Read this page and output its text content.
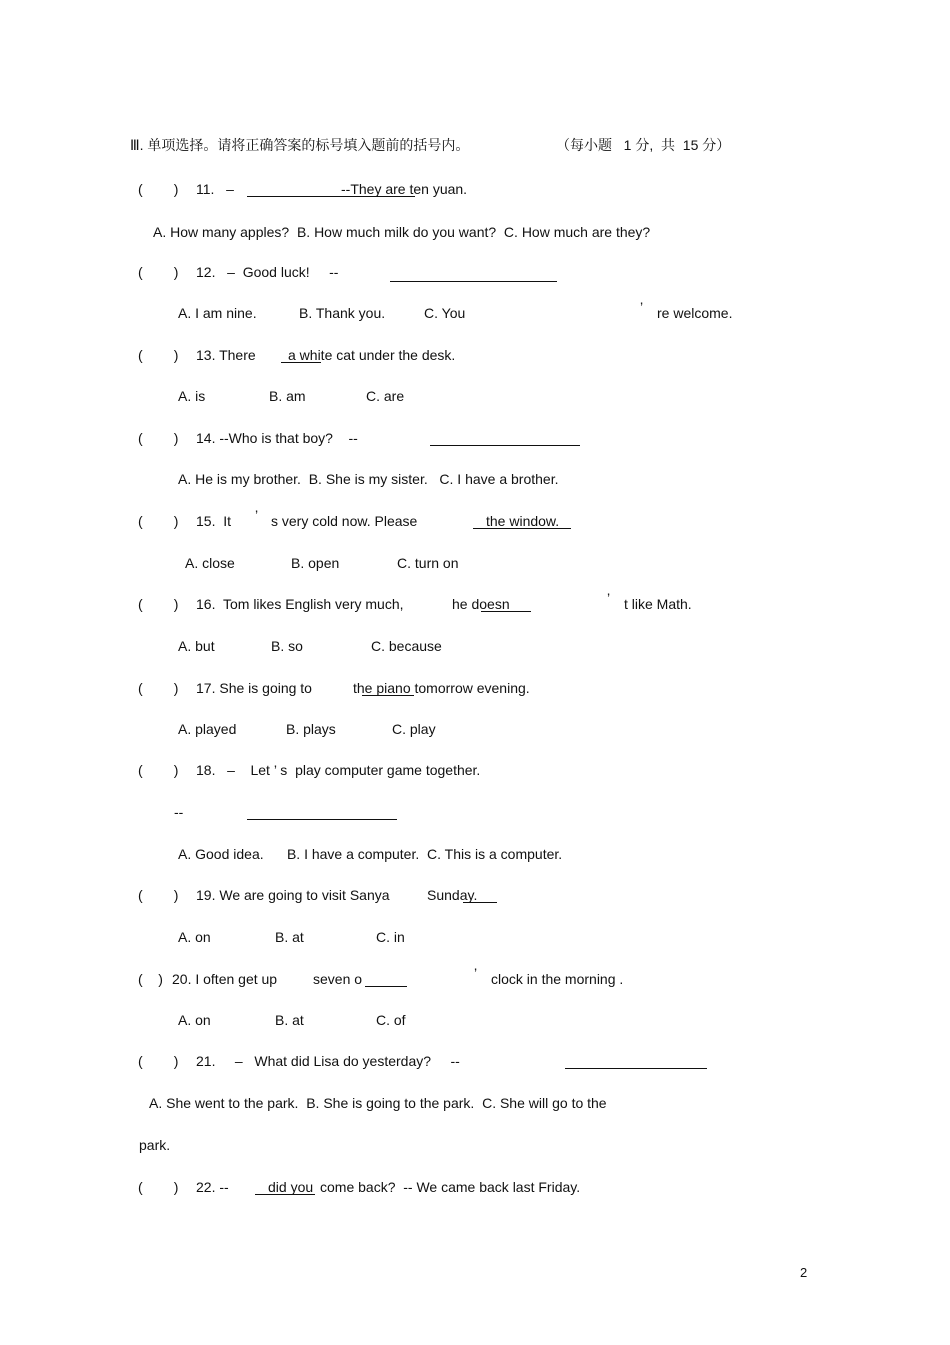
Ⅲ. 单项选择。请将正确答案的标号填入题前的括号内。	（每小题   1 分,  共  15 分）
(        ) 11.   –	--They are ten yuan.
A. How many apples?  B. How much milk do you want?  C. How much are they?
(        ) 12.   –  Good luck!     --
A. I am nine.	B. Thank you.	C. You	’ re welcome.
(        ) 13. There a white cat under the desk.
A. is	B. am	C. are
(        ) 14. --Who is that boy?    --
A. He is my brother.  B. She is my sister.   C. I have a brother.
(        ) 15.  It ’ s very cold now. Please	the window.
A. close	B. open	C. turn on
(        ) 16.  Tom likes English very much,	he doesn	’ t like Math.
A. but	B. so	C. because
(        ) 17. She is going to	the piano tomorrow evening.
A. played	B. plays	C. play
(        ) 18.   –    Let ’ s  play computer game together.
--
A. Good idea.      B. I have a computer.  C. This is a computer.
(        ) 19. We are going to visit Sanya	Sunday.
A. on	B. at	C. in
(    ) 20. I often get up	seven o	’ clock in the morning .
A. on	B. at	C. of
(        ) 21.     –   What did Lisa do yesterday?     --
A. She went to the park.  B. She is going to the park.  C. She will go to the
park.
(        ) 22. --	did you come back?  -- We came back last Friday.
2
